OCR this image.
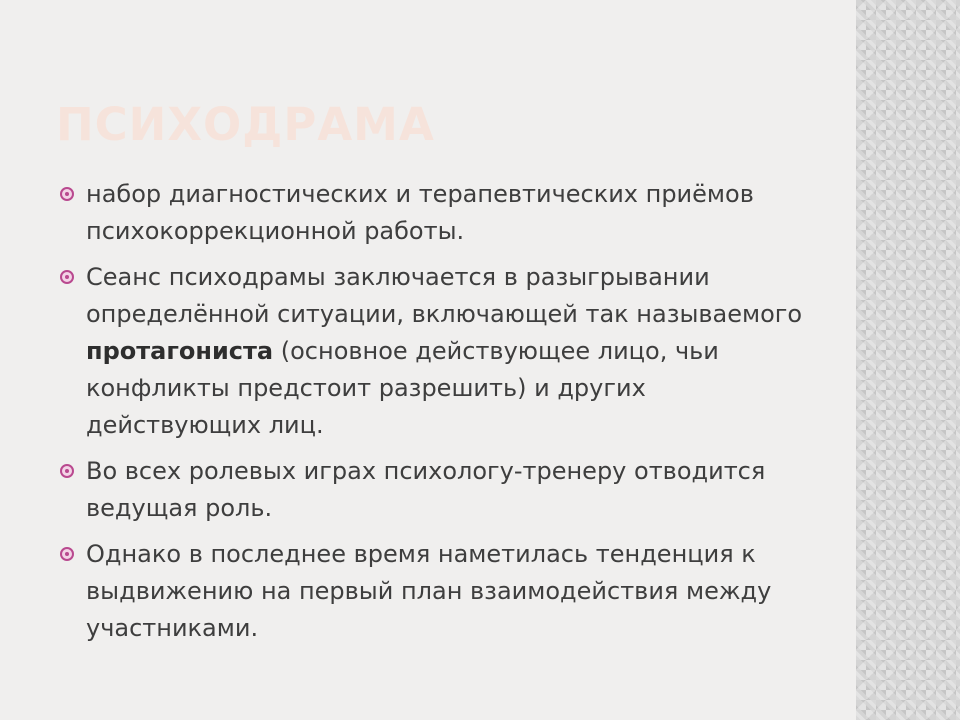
ПСИХОДРАМА
набор диагностических и терапевтических приёмов психокоррекционной работы.
Сеанс психодрамы заключается в разыгрывании определённой ситуации, включающей так называемого протагониста (основное действующее лицо, чьи конфликты предстоит разрешить) и других действующих лиц.
Во всех ролевых играх психологу-тренеру отводится ведущая роль.
Однако в последнее время наметилась тенденция к выдвижению на первый план взаимодействия между участниками.
